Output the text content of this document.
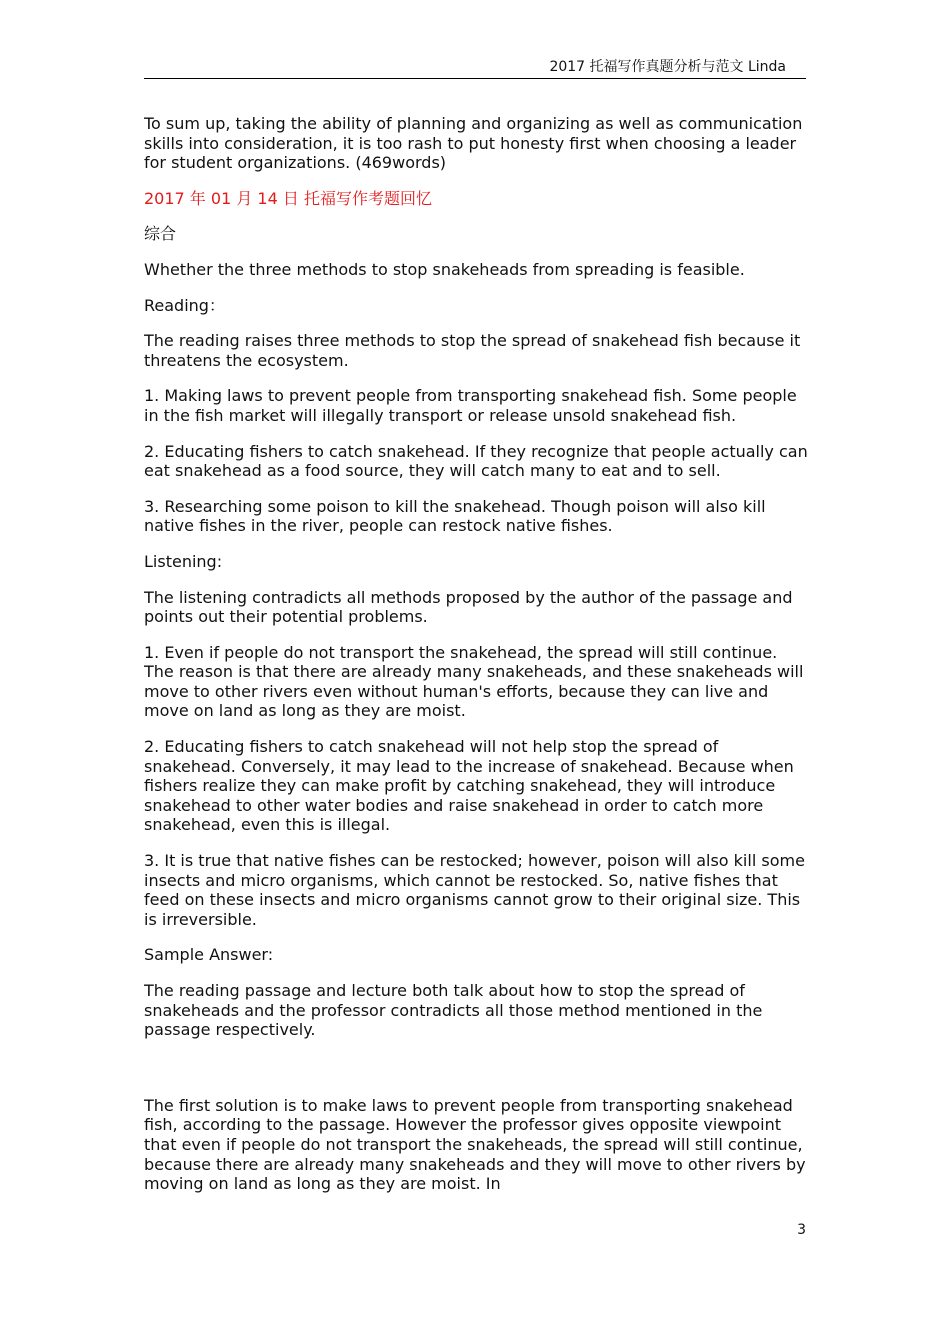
2017 托福写作真题分析与范文 Linda

To sum up, taking the ability of planning and organizing as well as communication skills into consideration, it is too rash to put honesty first when choosing a leader for student organizations. (469words)

2017 年 01 月 14 日 托福写作考题回忆

综合

Whether the three methods to stop snakeheads from spreading is feasible.

Reading：

The reading raises three methods to stop the spread of snakehead fish because it threatens the ecosystem.

1. Making laws to prevent people from transporting snakehead fish. Some people in the fish market will illegally transport or release unsold snakehead fish.

2. Educating fishers to catch snakehead. If they recognize that people actually can eat snakehead as a food source, they will catch many to eat and to sell.

3. Researching some poison to kill the snakehead. Though poison will also kill native fishes in the river, people can restock native fishes.

Listening:

The listening contradicts all methods proposed by the author of the passage and points out their potential problems.

1. Even if people do not transport the snakehead, the spread will still continue. The reason is that there are already many snakeheads, and these snakeheads will move to other rivers even without human's efforts, because they can live and move on land as long as they are moist.

2. Educating fishers to catch snakehead will not help stop the spread of snakehead. Conversely, it may lead to the increase of snakehead. Because when fishers realize they can make profit by catching snakehead, they will introduce snakehead to other water bodies and raise snakehead in order to catch more snakehead, even this is illegal.

3. It is true that native fishes can be restocked; however, poison will also kill some insects and micro organisms, which cannot be restocked. So, native fishes that feed on these insects and micro organisms cannot grow to their original size. This is irreversible.

Sample Answer:

The reading passage and lecture both talk about how to stop the spread of snakeheads and the professor contradicts all those method mentioned in the passage respectively.

The first solution is to make laws to prevent people from transporting snakehead fish, according to the passage. However the professor gives opposite viewpoint that even if people do not transport the snakeheads, the spread will still continue, because there are already many snakeheads and they will move to other rivers by moving on land as long as they are moist. In

3
